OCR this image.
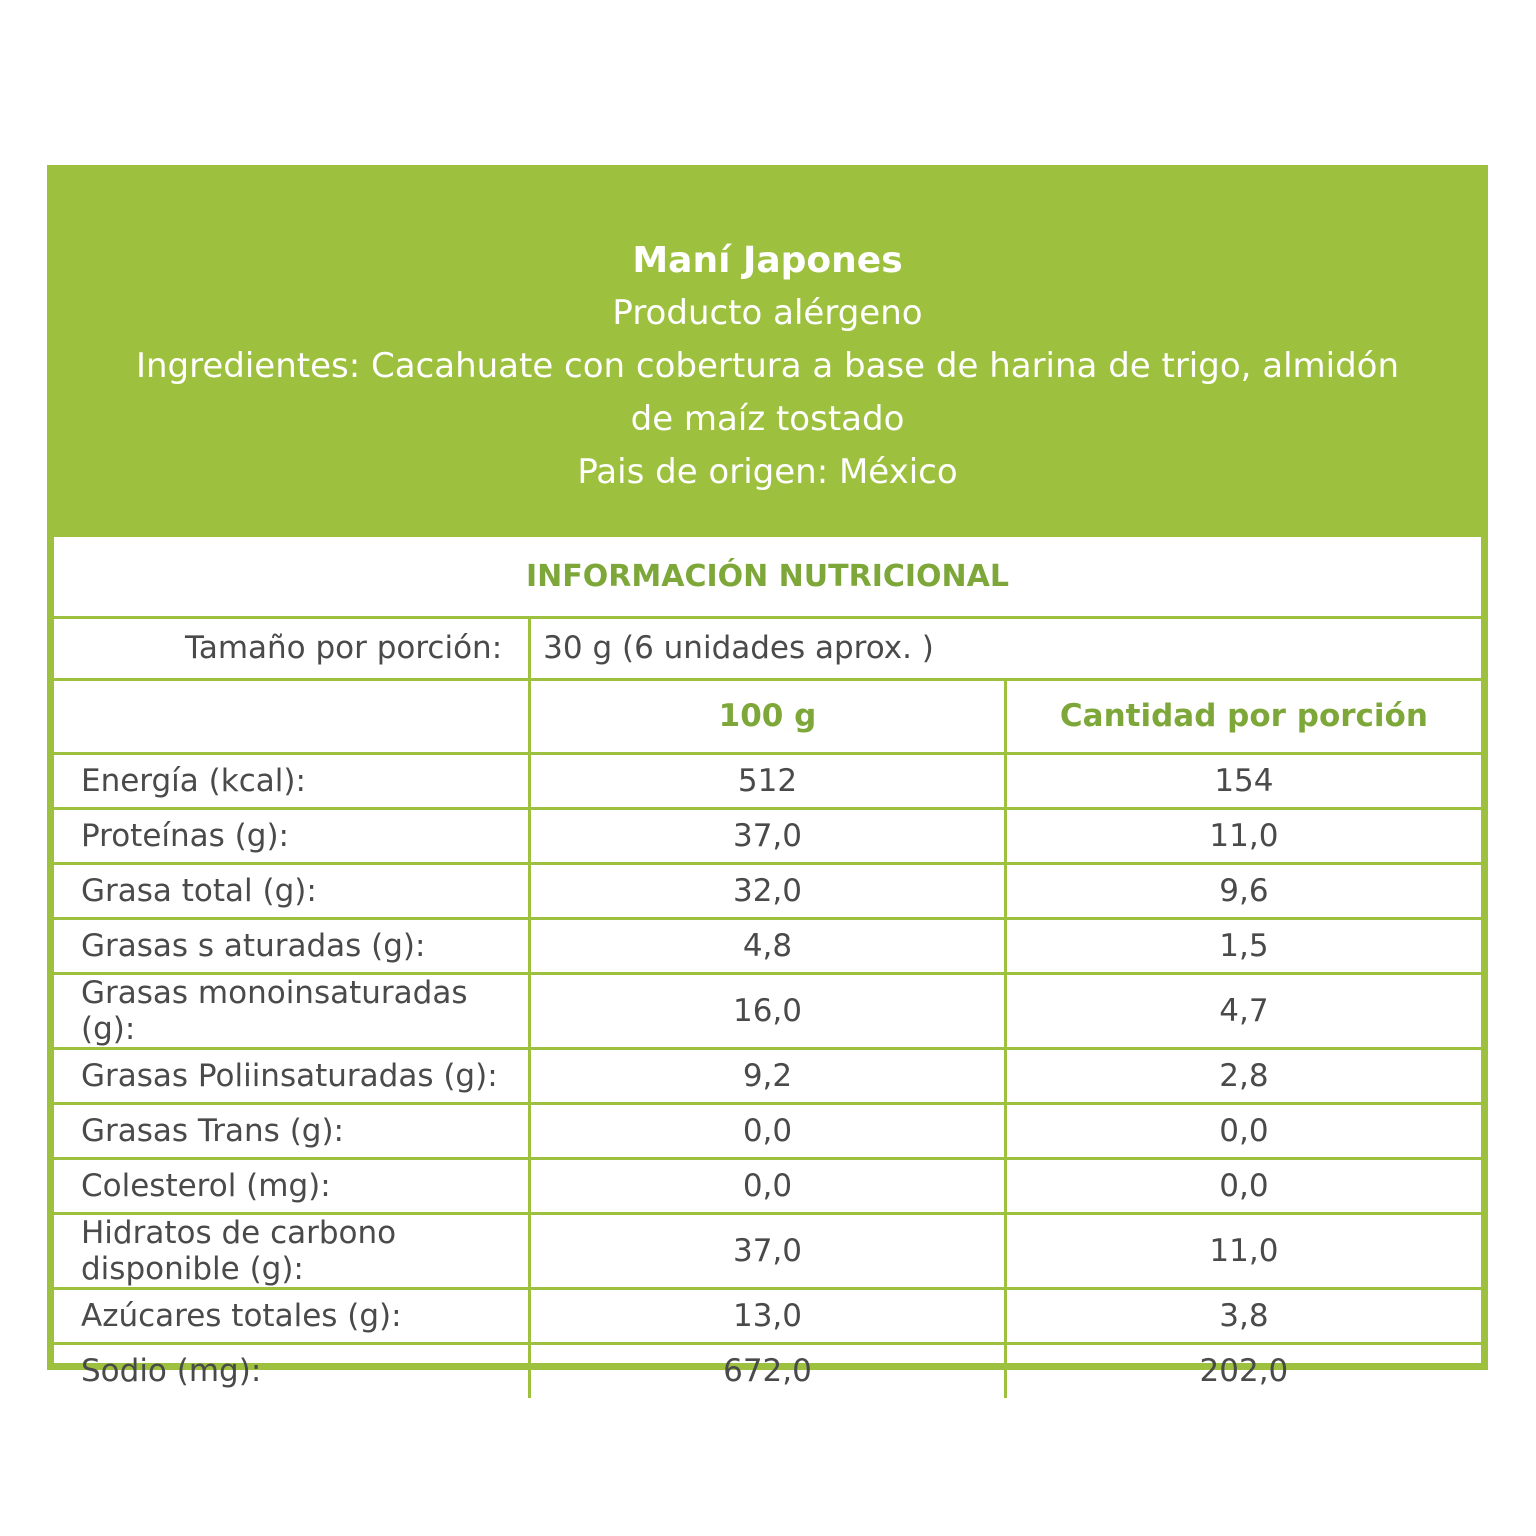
Maní Japones
Producto alérgeno
Ingredientes: Cacahuate con cobertura a base de harina de trigo, almidón
de maíz tostado
Pais de origen: México
INFORMACIÓN NUTRICIONAL		
Tamaño por porción:	30 g (6 unidades aprox. )	
	100 g	Cantidad por porción
Energía (kcal):	512	154
Proteínas (g):	37,0	11,0
Grasa total (g):	32,0	9,6
Grasas s aturadas (g):	4,8	1,5
Grasas monoinsaturadas (g):	16,0	4,7
Grasas Poliinsaturadas (g):	9,2	2,8
Grasas Trans (g):	0,0	0,0
Colesterol (mg):	0,0	0,0
Hidratos de carbono disponible (g):	37,0	11,0
Azúcares totales (g):	13,0	3,8
Sodio (mg):	672,0	202,0
